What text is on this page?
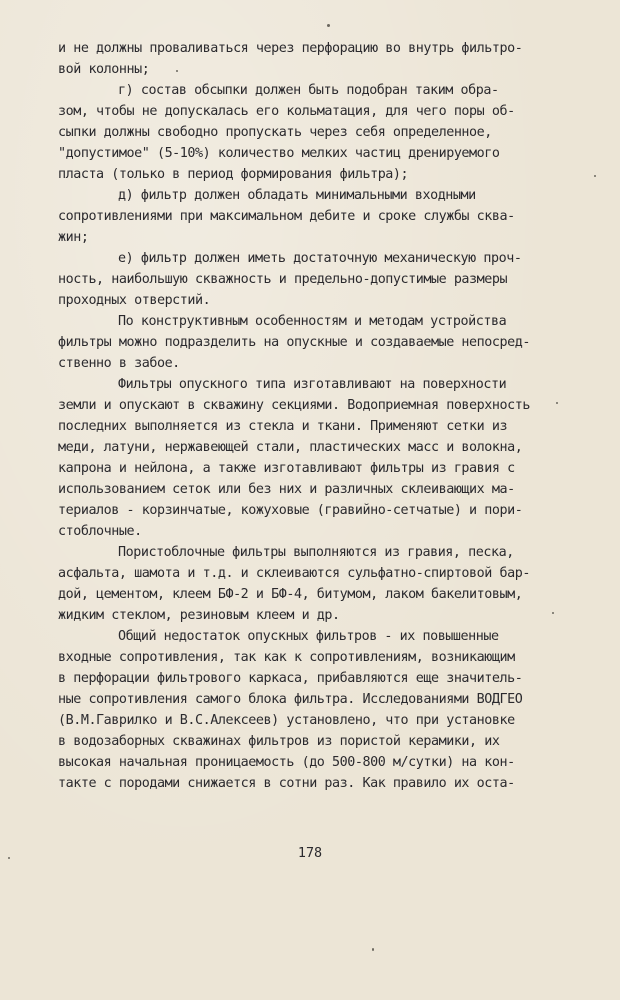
и не должны проваливаться через перфорацию во внутрь фильтро-
вой колонны;
г) состав обсыпки должен быть подобран таким обра-
зом, чтобы не допускалась его кольматация, для чего поры об-
сыпки должны свободно пропускать через себя определенное,
"допустимое" (5-10%) количество мелких частиц дренируемого
пласта (только в период формирования фильтра);
д) фильтр должен обладать минимальными входными
сопротивлениями при максимальном дебите и сроке службы сква-
жин;
е) фильтр должен иметь достаточную механическую проч-
ность, наибольшую скважность и предельно-допустимые размеры
проходных отверстий.
По конструктивным особенностям и методам устройства
фильтры можно подразделить на опускные и создаваемые непосред-
ственно в забое.
Фильтры опускного типа изготавливают на поверхности
земли и опускают в скважину секциями. Водоприемная поверхность
последних выполняется из стекла и ткани. Применяют сетки из
меди, латуни, нержавеющей стали, пластических масс и волокна,
капрона и нейлона, а также изготавливают фильтры из гравия с
использованием сеток или без них и различных склеивающих ма-
териалов - корзинчатые, кожуховые (гравийно-сетчатые) и пори-
стоблочные.
Пористоблочные фильтры выполняются из гравия, песка,
асфальта, шамота и т.д. и склеиваются сульфатно-спиртовой бар-
дой, цементом, клеем БФ-2 и БФ-4, битумом, лаком бакелитовым,
жидким стеклом, резиновым клеем и др.
Общий недостаток опускных фильтров - их повышенные
входные сопротивления, так как к сопротивлениям, возникающим
в перфорации фильтрового каркаса, прибавляются еще значитель-
ные сопротивления самого блока фильтра. Исследованиями ВОДГЕО
(В.М.Гаврилко и В.С.Алексеев) установлено, что при установке
в водозаборных скважинах фильтров из пористой керамики, их
высокая начальная проницаемость (до 500-800 м/сутки) на кон-
такте с породами снижается в сотни раз. Как правило их оста-
178
